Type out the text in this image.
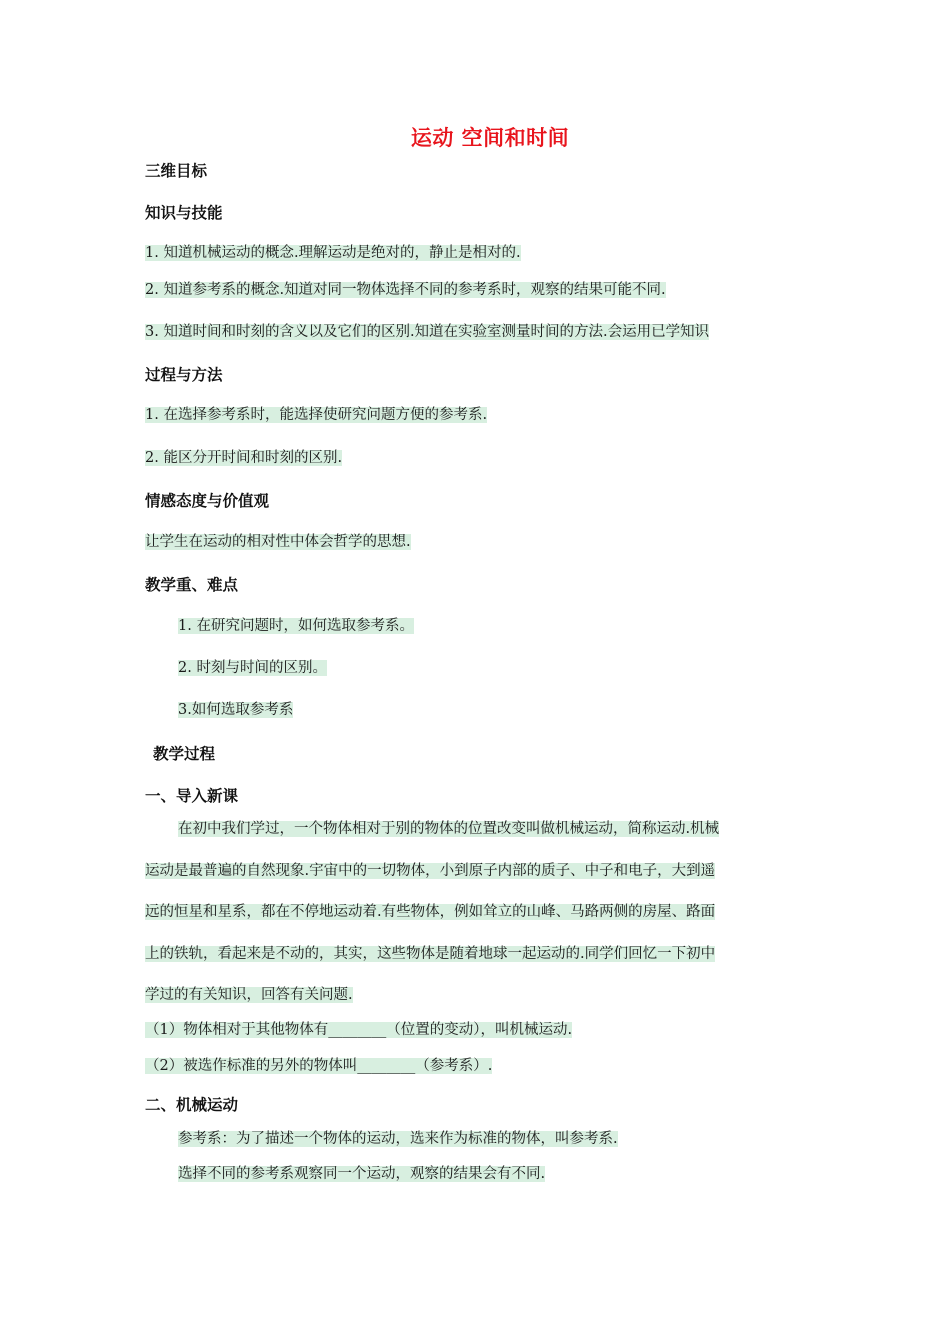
运动 空间和时间
三维目标
知识与技能
1. 知道机械运动的概念.理解运动是绝对的，静止是相对的.
2. 知道参考系的概念.知道对同一物体选择不同的参考系时，观察的结果可能不同.
3. 知道时间和时刻的含义以及它们的区别.知道在实验室测量时间的方法.会运用已学知识
过程与方法
1. 在选择参考系时，能选择使研究问题方便的参考系.
2. 能区分开时间和时刻的区别.
情感态度与价值观
让学生在运动的相对性中体会哲学的思想.
教学重、难点
1. 在研究问题时，如何选取参考系。
2. 时刻与时间的区别。
3.如何选取参考系
教学过程
一、导入新课
在初中我们学过，一个物体相对于别的物体的位置改变叫做机械运动，简称运动.机械
运动是最普遍的自然现象.宇宙中的一切物体，小到原子内部的质子、中子和电子，大到遥
远的恒星和星系，都在不停地运动着.有些物体，例如耸立的山峰、马路两侧的房屋、路面
上的铁轨，看起来是不动的，其实，这些物体是随着地球一起运动的.同学们回忆一下初中
学过的有关知识，回答有关问题.
（1）物体相对于其他物体有________（位置的变动），叫机械运动.
（2）被选作标准的另外的物体叫________（参考系）.
二、机械运动
参考系：为了描述一个物体的运动，选来作为标准的物体，叫参考系.
选择不同的参考系观察同一个运动，观察的结果会有不同.
